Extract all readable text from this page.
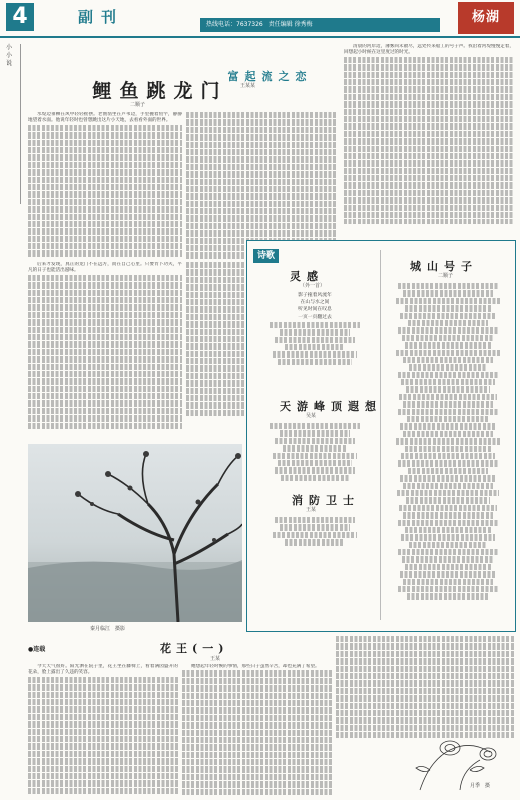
4	副刊	热线电话：7637326　责任编辑 徐秀梅	杨湖
小小说
鲤鱼跳龙门
二顺子

水堤边垂柳在风中轻轻摇摆。老渔翁坐在芦苇边，手里握着鱼竿，静静地望着水面。他说年轻时也曾想跳出这片小天地，去看看外面的世界。

后来才发现，真正的龙门不在远方，而在自己心里。只要肯下功夫，平凡的日子也能活出滋味。

富起流之恋
王某某

清晨的河岸边，薄雾尚未散尽，远处传来船工的号子声。我沿着河堤慢慢走着，回想起小时候在这里度过的时光。

诗歌
灵感
（外一首）
影子拖着风流年
在山与水之间
听见时间在叹息
一页一页翻过去
天游峰顶遐想
吴某
消防卫士
王某
城山号子
二顺子
秦月临江　摄影
●连载	花王(一)
王某

今天天气很好。阳光洒在院子里，花王坐在藤椅上，看着满园盛开的花朵，脸上露出了久违的笑容。

她想起年轻时候的事情，那些日子虽然辛苦，却也充满了希望。

月季　摄
